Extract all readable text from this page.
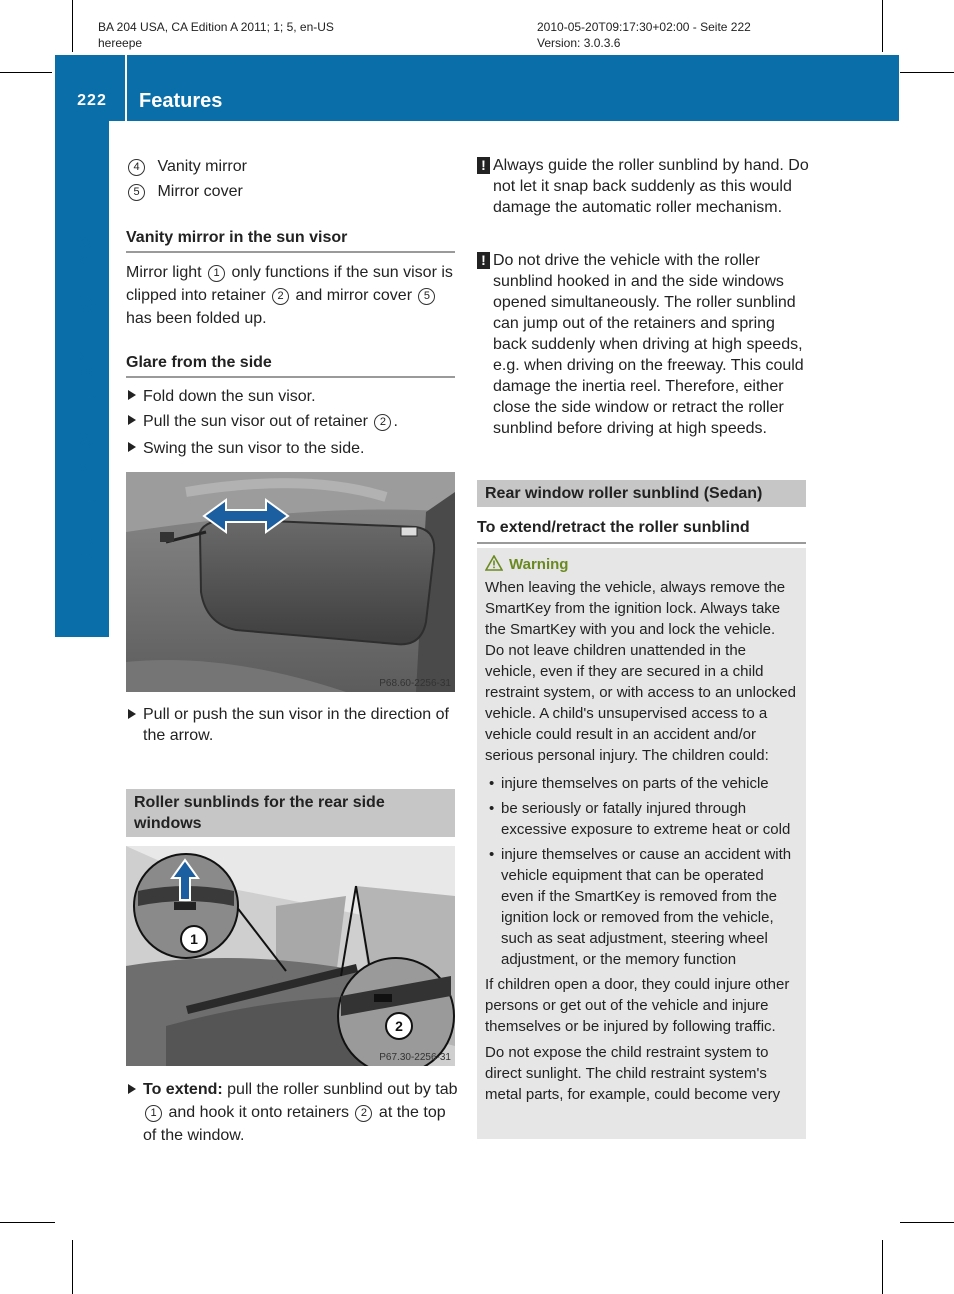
BA 204 USA, CA Edition A 2011; 1; 5, en-US
hereepe
2010-05-20T09:17:30+02:00 - Seite 222
Version: 3.0.3.6
222	Features
Loading, stowing and features
4 Vanity mirror
5 Mirror cover
Vanity mirror in the sun visor
Mirror light 1 only functions if the sun visor is clipped into retainer 2 and mirror cover 5 has been folded up.
Glare from the side
Fold down the sun visor.
Pull the sun visor out of retainer 2 .
Swing the sun visor to the side.
P68.60-2256-31
Pull or push the sun visor in the direction of the arrow.
Roller sunblinds for the rear side windows
1
2
P67.30-2256-31
To extend: pull the roller sunblind out by tab 1 and hook it onto retainers 2 at the top of the window.
! Always guide the roller sunblind by hand. Do not let it snap back suddenly as this would damage the automatic roller mechanism.
! Do not drive the vehicle with the roller sunblind hooked in and the side windows opened simultaneously. The roller sunblind can jump out of the retainers and spring back suddenly when driving at high speeds, e.g. when driving on the freeway. This could damage the inertia reel. Therefore, either close the side window or retract the roller sunblind before driving at high speeds.
Rear window roller sunblind (Sedan)
To extend/retract the roller sunblind
Warning
When leaving the vehicle, always remove the SmartKey from the ignition lock. Always take the SmartKey with you and lock the vehicle. Do not leave children unattended in the vehicle, even if they are secured in a child restraint system, or with access to an unlocked vehicle. A child's unsupervised access to a vehicle could result in an accident and/or serious personal injury. The children could:
• injure themselves on parts of the vehicle
• be seriously or fatally injured through excessive exposure to extreme heat or cold
• injure themselves or cause an accident with vehicle equipment that can be operated even if the SmartKey is removed from the ignition lock or removed from the vehicle, such as seat adjustment, steering wheel adjustment, or the memory function
If children open a door, they could injure other persons or get out of the vehicle and injure themselves or be injured by following traffic.
Do not expose the child restraint system to direct sunlight. The child restraint system's metal parts, for example, could become very
